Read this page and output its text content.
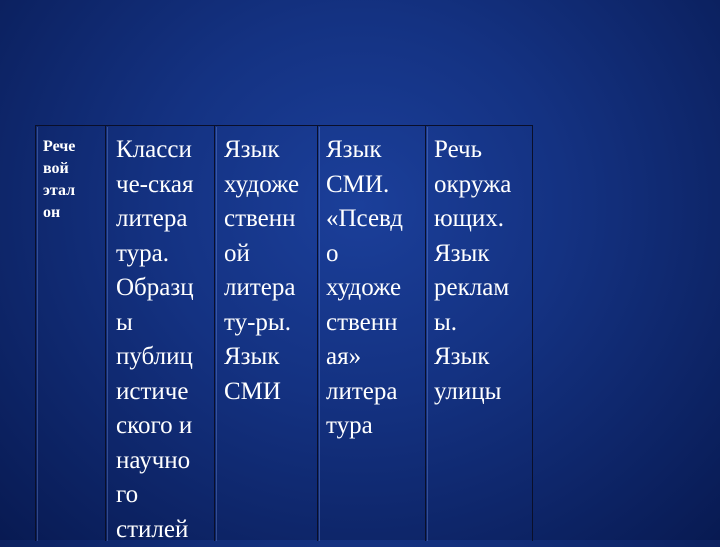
Рече
вой
этал
он
Класси
че-ская
литера
тура.
Образц
ы
публиц
истиче
ского и
научно
го
стилей
Язык
художе
ственн
ой
литера
ту-ры.
Язык
СМИ
Язык
СМИ.
«Псевд
о
художе
ственн
ая»
литера
тура
Речь
окружа
ющих.
Язык
реклам
ы.
Язык
улицы
